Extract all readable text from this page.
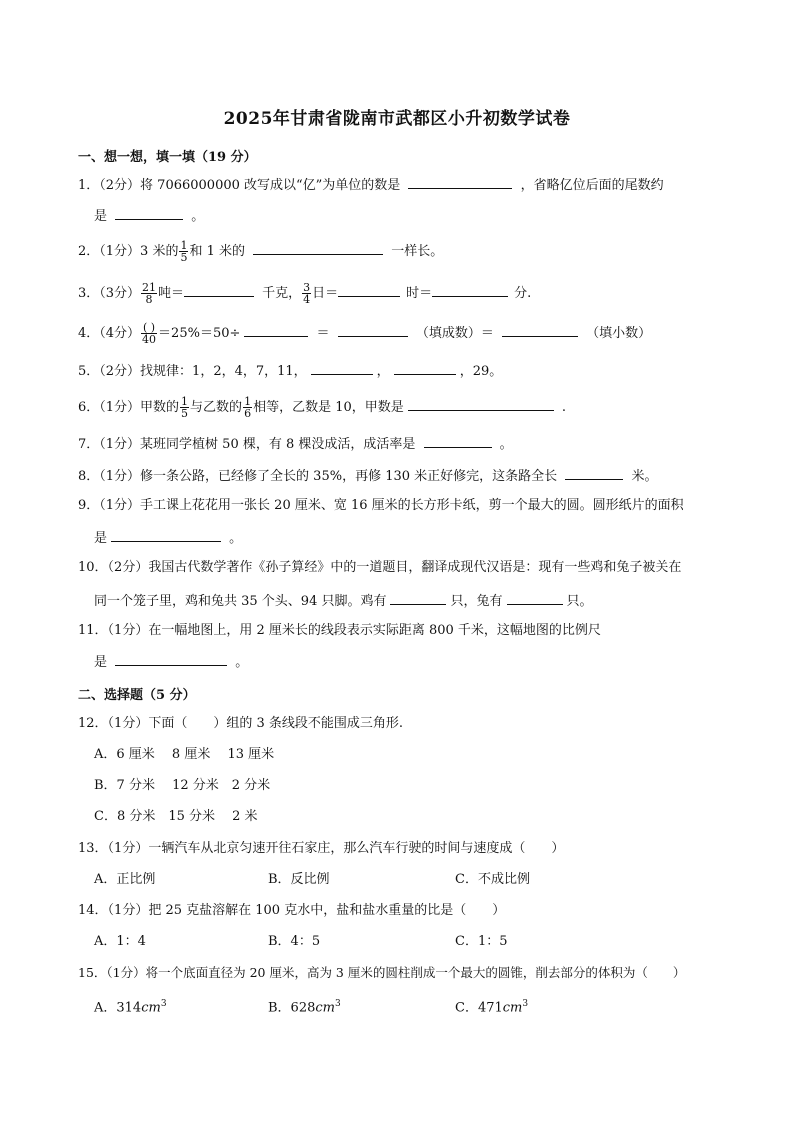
2025年甘肃省陇南市武都区小升初数学试卷
一、想一想，填一填（19 分）
1．（2分）将 7066000000 改写成以“亿”为单位的数是	，省略亿位后面的尾数约
是	。
2．（1分）3 米的 $\frac{1}{5}$ 和 1 米的	一样长。
3．（3分） $\frac{21}{8}$ 吨＝	千克， $\frac{3}{4}$ 日＝	时＝	分.
4．（4分） $\frac{( )}{40} =25\%=50\div$	＝	（填成数）＝	（填小数）
5．（2分）找规律：1，2，4，7，11，	，	，29。
6．（1分）甲数的 $\frac{1}{5}$ 与乙数的 $\frac{1}{6}$ 相等，乙数是 10，甲数是	.
7．（1分）某班同学植树 50 棵，有 8 棵没成活，成活率是	。
8．（1分）修一条公路，已经修了全长的 35%，再修 130 米正好修完，这条路全长	米。
9．（1分）手工课上花花用一张长 20 厘米、宽 16 厘米的长方形卡纸，剪一个最大的圆。圆形纸片的面积
是	。
10．（2分）我国古代数学著作《孙子算经》中的一道题目，翻译成现代汉语是：现有一些鸡和兔子被关在
同一个笼子里，鸡和兔共 35 个头、94 只脚。鸡有	只，兔有	只。
11．（1分）在一幅地图上，用 2 厘米长的线段表示实际距离 800 千米，这幅地图的比例尺
是	。
二、选择题（5 分）
12．（1分）下面（　　）组的 3 条线段不能围成三角形.
A．6 厘米　 8 厘米　 13 厘米
B．7 分米　 12 分米　2 分米
C．8 分米　15 分米　 2 米
13．（1分）一辆汽车从北京匀速开往石家庄，那么汽车行驶的时间与速度成（　　）
A．正比例	B．反比例	C．不成比例
14．（1分）把 25 克盐溶解在 100 克水中，盐和盐水重量的比是（　　）
A．1：4	B．4：5	C．1：5
15．（1分）将一个底面直径为 20 厘米，高为 3 厘米的圆柱削成一个最大的圆锥，削去部分的体积为（　　）
A．$314cm^3$	B．$628cm^3$	C．$471cm^3$
